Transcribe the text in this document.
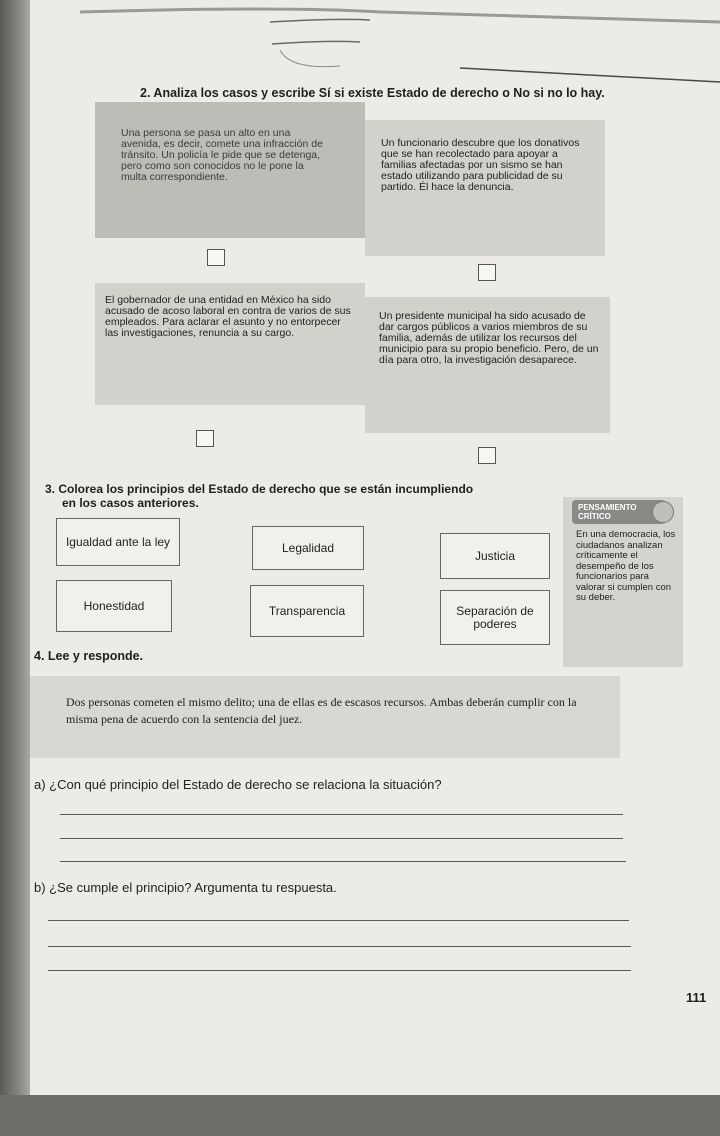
2. Analiza los casos y escribe Sí si existe Estado de derecho o No si no lo hay.
Una persona se pasa un alto en una avenida, es decir, comete una infracción de tránsito. Un policía le pide que se detenga, pero como son conocidos no le pone la multa correspondiente.
Un funcionario descubre que los donativos que se han recolectado para apoyar a familias afectadas por un sismo se han estado utilizando para publicidad de su partido. Él hace la denuncia.
El gobernador de una entidad en México ha sido acusado de acoso laboral en contra de varios de sus empleados. Para aclarar el asunto y no entorpecer las investigaciones, renuncia a su cargo.
Un presidente municipal ha sido acusado de dar cargos públicos a varios miembros de su familia, además de utilizar los recursos del municipio para su propio beneficio. Pero, de un día para otro, la investigación desaparece.
3. Colorea los principios del Estado de derecho que se están incumpliendo
en los casos anteriores.
Igualdad ante la ley	Legalidad
Justicia
Honestidad	Transparencia	Separación de poderes
PENSAMIENTO CRÍTICO
En una democracia, los ciudadanos analizan críticamente el desempeño de los funcionarios para valorar si cumplen con su deber.
4. Lee y responde.
Dos personas cometen el mismo delito; una de ellas es de escasos recursos. Ambas deberán cumplir con la misma pena de acuerdo con la sentencia del juez.
a) ¿Con qué principio del Estado de derecho se relaciona la situación?
b) ¿Se cumple el principio? Argumenta tu respuesta.
111
